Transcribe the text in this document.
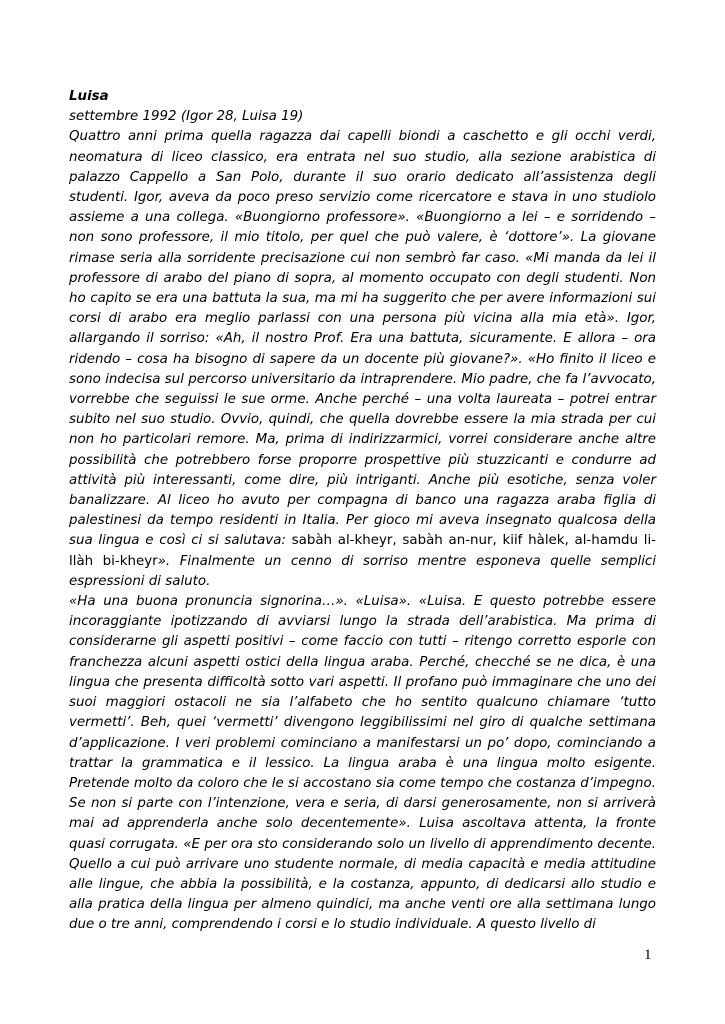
Luisa

settembre 1992 (Igor 28, Luisa 19)

Quattro anni prima quella ragazza dai capelli biondi a caschetto e gli occhi verdi, neomatura di liceo classico, era entrata nel suo studio, alla sezione arabistica di palazzo Cappello a San Polo, durante il suo orario dedicato all’assistenza degli studenti. Igor, aveva da poco preso servizio come ricercatore e stava in uno studiolo assieme a una collega. «Buongiorno professore». «Buongiorno a lei – e sorridendo – non sono professore, il mio titolo, per quel che può valere, è ‘dottore’». La giovane rimase seria alla sorridente precisazione cui non sembrò far caso. «Mi manda da lei il professore di arabo del piano di sopra, al momento occupato con degli studenti. Non ho capito se era una battuta la sua, ma mi ha suggerito che per avere informazioni sui corsi di arabo era meglio parlassi con una persona più vicina alla mia età». Igor, allargando il sorriso: «Ah, il nostro Prof. Era una battuta, sicuramente. E allora – ora ridendo – cosa ha bisogno di sapere da un docente più giovane?». «Ho finito il liceo e sono indecisa sul percorso universitario da intraprendere. Mio padre, che fa l’avvocato, vorrebbe che seguissi le sue orme. Anche perché – una volta laureata – potrei entrar subito nel suo studio. Ovvio, quindi, che quella dovrebbe essere la mia strada per cui non ho particolari remore. Ma, prima di indirizzarmici, vorrei considerare anche altre possibilità che potrebbero forse proporre prospettive più stuzzicanti e condurre ad attività più interessanti, come dire, più intriganti. Anche più esotiche, senza voler banalizzare. Al liceo ho avuto per compagna di banco una ragazza araba figlia di palestinesi da tempo residenti in Italia. Per gioco mi aveva insegnato qualcosa della sua lingua e così ci si salutava: sabàh al-kheyr, sabàh an-nur, kiif hàlek, al-hamdu li-llàh bi-kheyr». Finalmente un cenno di sorriso mentre esponeva quelle semplici espressioni di saluto.

«Ha una buona pronuncia signorina…». «Luisa». «Luisa. E questo potrebbe essere incoraggiante ipotizzando di avviarsi lungo la strada dell’arabistica. Ma prima di considerarne gli aspetti positivi – come faccio con tutti – ritengo corretto esporle con franchezza alcuni aspetti ostici della lingua araba. Perché, checché se ne dica, è una lingua che presenta difficoltà sotto vari aspetti. Il profano può immaginare che uno dei suoi maggiori ostacoli ne sia l’alfabeto che ho sentito qualcuno chiamare ‘tutto vermetti’. Beh, quei ‘vermetti’ divengono leggibilissimi nel giro di qualche settimana d’applicazione. I veri problemi cominciano a manifestarsi un po’ dopo, cominciando a trattar la grammatica e il lessico. La lingua araba è una lingua molto esigente. Pretende molto da coloro che le si accostano sia come tempo che costanza d’impegno. Se non si parte con l’intenzione, vera e seria, di darsi generosamente, non si arriverà mai ad apprenderla anche solo decentemente». Luisa ascoltava attenta, la fronte quasi corrugata. «E per ora sto considerando solo un livello di apprendimento decente. Quello a cui può arrivare uno studente normale, di media capacità e media attitudine alle lingue, che abbia la possibilità, e la costanza, appunto, di dedicarsi allo studio e alla pratica della lingua per almeno quindici, ma anche venti ore alla settimana lungo due o tre anni, comprendendo i corsi e lo studio individuale. A questo livello di

1
